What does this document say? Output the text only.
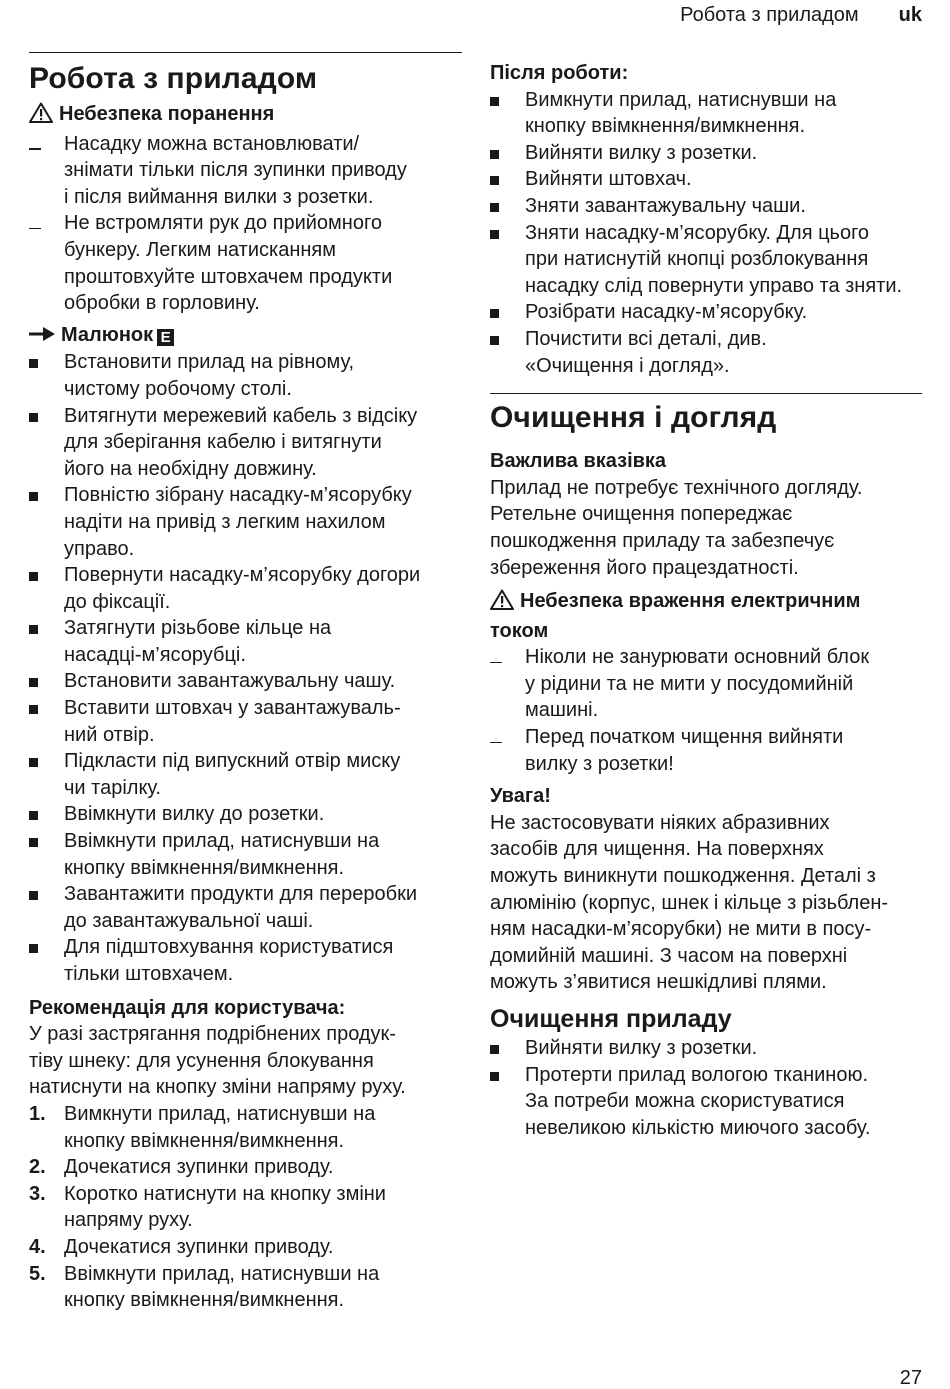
Робота з приладом uk
Робота з приладом
Небезпека поранення
Насадку можна встановлювати/
знімати тільки після зупинки приводу
і після виймання вилки з розетки.
Не встромляти рук до прийомного
бункеру. Легким натисканням
проштовхуйте штовхачем продукти
обробки в горловину.
Малюнок E
Встановити прилад на рівному,
чистому робочому столі.
Витягнути мережевий кабель з відсіку
для зберігання кабелю і витягнути
його на необхідну довжину.
Повністю зібрану насадку-м’ясорубку
надіти на привід з легким нахилом
управо.
Повернути насадку-м’ясорубку догори
до фіксації.
Затягнути різьбове кільце на
насадці-м’ясорубці.
Встановити завантажувальну чашу.
Вставити штовхач у завантажуваль-
ний отвір.
Підкласти під випускний отвір миску
чи тарілку.
Ввімкнути вилку до розетки.
Ввімкнути прилад, натиснувши на
кнопку ввімкнення/вимкнення.
Завантажити продукти для переробки
до завантажувальної чаші.
Для підштовхування користуватися
тільки штовхачем.
Рекомендація для користувача:

У разі застрягання подрібнених продук-
тіву шнеку: для усунення блокування
натиснути на кнопку зміни напряму руху.

1. Вимкнути прилад, натиснувши на
кнопку ввімкнення/вимкнення.
2. Дочекатися зупинки приводу.
3. Коротко натиснути на кнопку зміни
напряму руху.
4. Дочекатися зупинки приводу.
5. Ввімкнути прилад, натиснувши на
кнопку ввімкнення/вимкнення.
Після роботи:
Вимкнути прилад, натиснувши на
кнопку ввімкнення/вимкнення.
Вийняти вилку з розетки.
Вийняти штовхач.
Зняти завантажувальну чаши.
Зняти насадку-м’ясорубку. Для цього
при натиснутій кнопці розблокування
насадку слід повернути управо та зняти.
Розібрати насадку-м’ясорубку.
Почистити всі деталі, див.
«Очищення і догляд».
Очищення і догляд
Важлива вказівка

Прилад не потребує технічного догляду.
Ретельне очищення попереджає
пошкодження приладу та забезпечує
збереження його працездатності.

Небезпека враження електричним
током
Ніколи не занурювати основний блок
у рідини та не мити у посудомийній
машині.
Перед початком чищення вийняти
вилку з розетки!
Увага!

Не застосовувати ніяких абразивних
засобів для чищення. На поверхнях
можуть виникнути пошкодження. Деталі з
алюмінію (корпус, шнек і кільце з різьблен-
ням насадки-м’ясорубки) не мити в посу-
домийній машині. З часом на поверхні
можуть з’явитися нешкідливі плями.

Очищення приладу
Вийняти вилку з розетки.
Протерти прилад вологою тканиною.
За потреби можна скористуватися
невеликою кількістю миючого засобу.
27
